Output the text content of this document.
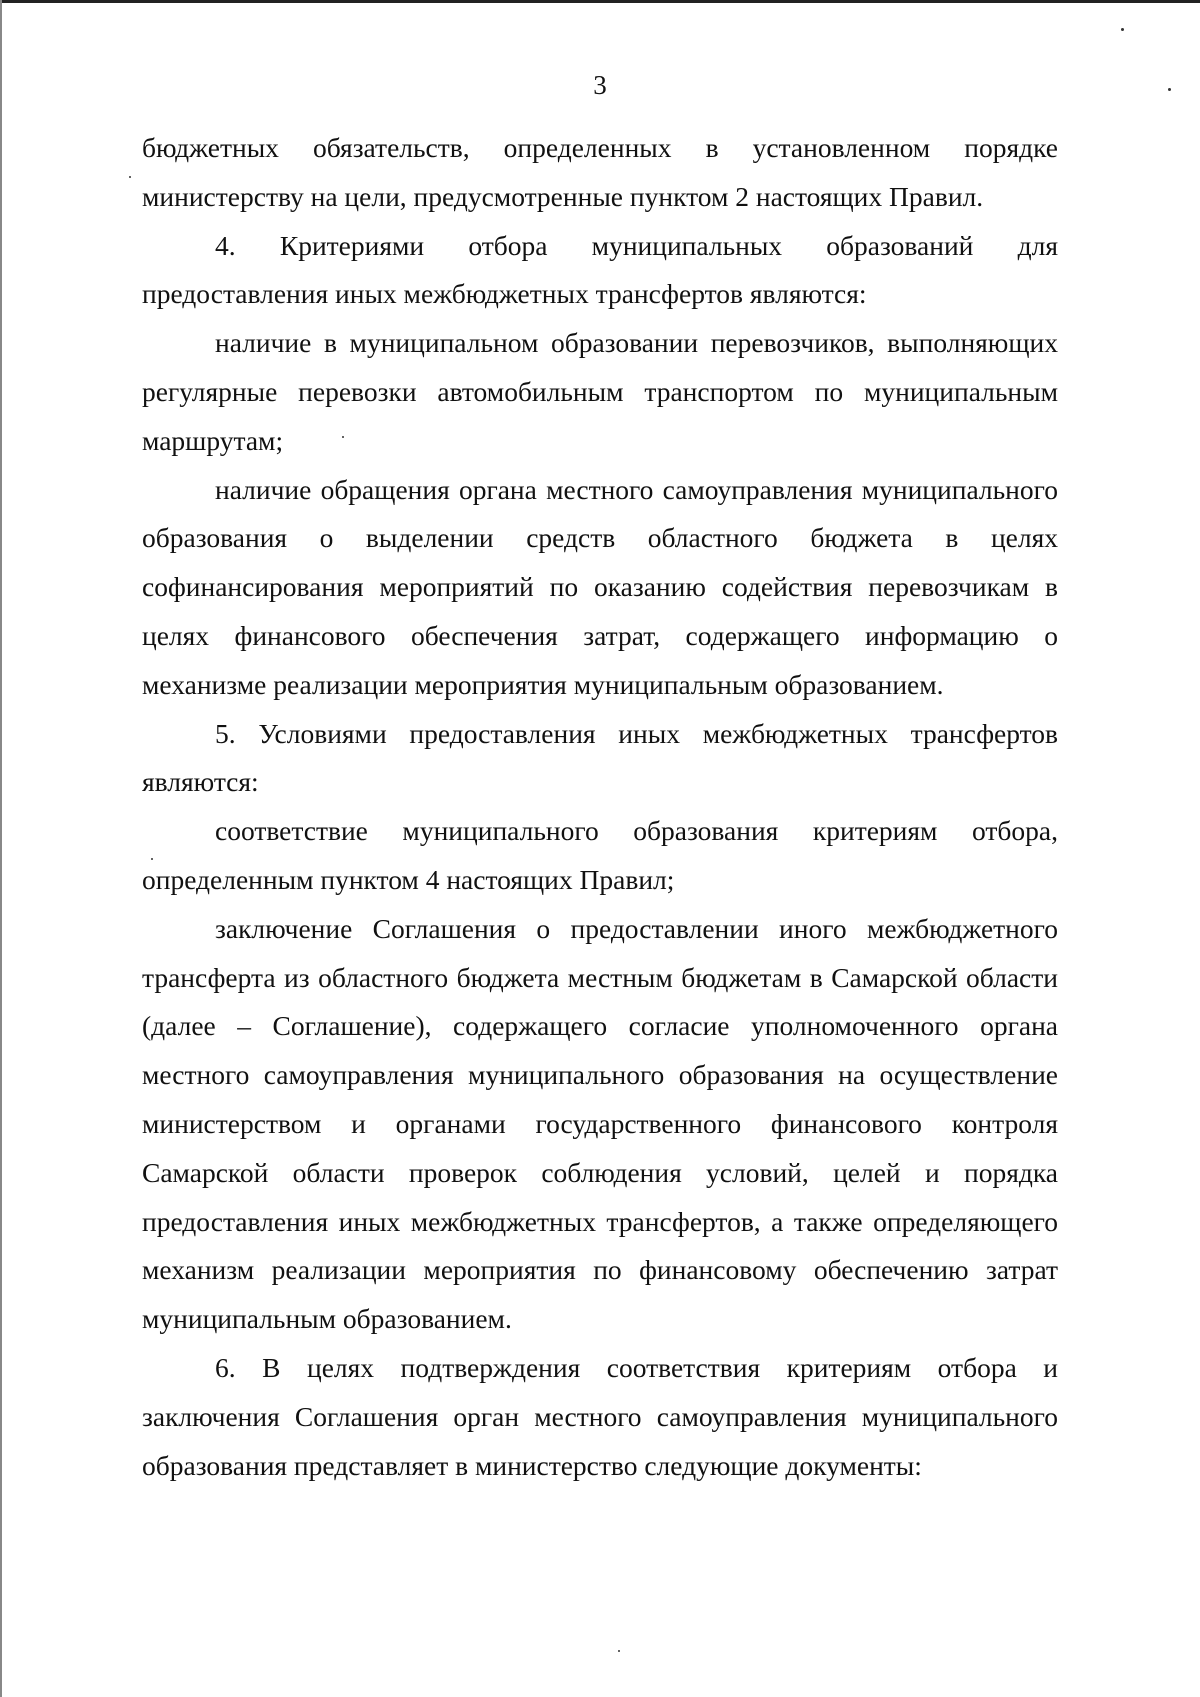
3

бюджетных обязательств, определенных в установленном порядке министерству на цели, предусмотренные пунктом 2 настоящих Правил.

4. Критериями отбора муниципальных образований для предоставления иных межбюджетных трансфертов являются:

наличие в муниципальном образовании перевозчиков, выполняющих регулярные перевозки автомобильным транспортом по муниципальным маршрутам;

наличие обращения органа местного самоуправления муниципального образования о выделении средств областного бюджета в целях софинансирования мероприятий по оказанию содействия перевозчикам в целях финансового обеспечения затрат, содержащего информацию о механизме реализации мероприятия муниципальным образованием.

5. Условиями предоставления иных межбюджетных трансфертов являются:

соответствие муниципального образования критериям отбора, определенным пунктом 4 настоящих Правил;

заключение Соглашения о предоставлении иного межбюджетного трансферта из областного бюджета местным бюджетам в Самарской области (далее – Соглашение), содержащего согласие уполномоченного органа местного самоуправления муниципального образования на осуществление министерством и органами государственного финансового контроля Самарской области проверок соблюдения условий, целей и порядка предоставления иных межбюджетных трансфертов, а также определяющего механизм реализации мероприятия по финансовому обеспечению затрат муниципальным образованием.

6. В целях подтверждения соответствия критериям отбора и заключения Соглашения орган местного самоуправления муниципального образования представляет в министерство следующие документы:
